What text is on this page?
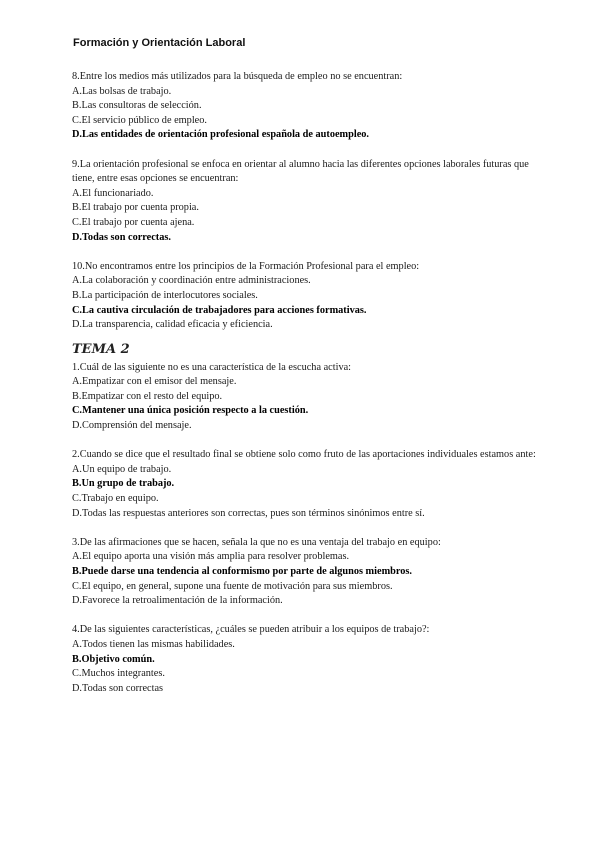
Formación y Orientación Laboral

8.Entre los medios más utilizados para la búsqueda de empleo no se encuentran:

A.Las bolsas de trabajo.

B.Las consultoras de selección.

C.El servicio público de empleo.

D.Las entidades de orientación profesional española de autoempleo.

9.La orientación profesional se enfoca en orientar al alumno hacia las diferentes opciones laborales futuras que tiene, entre esas opciones se encuentran:

A.El funcionariado.

B.El trabajo por cuenta propia.

C.El trabajo por cuenta ajena.

D.Todas son correctas.

10.No encontramos entre los principios de la Formación Profesional para el empleo:

A.La colaboración y coordinación entre administraciones.

B.La participación de interlocutores sociales.

C.La cautiva circulación de trabajadores para acciones formativas.

D.La transparencia, calidad eficacia y eficiencia.

TEMA 2

1.Cuál de las siguiente no es una característica de la escucha activa:

A.Empatizar con el emisor del mensaje.

B.Empatizar con el resto del equipo.

C.Mantener una única posición respecto a la cuestión.

D.Comprensión del mensaje.

2.Cuando se dice que el resultado final se obtiene solo como fruto de las aportaciones individuales estamos ante:

A.Un equipo de trabajo.

B.Un grupo de trabajo.

C.Trabajo en equipo.

D.Todas las respuestas anteriores son correctas, pues son términos sinónimos entre sí.

3.De las afirmaciones que se hacen, señala la que no es una ventaja del trabajo en equipo:

A.El equipo aporta una visión más amplia para resolver problemas.

B.Puede darse una tendencia al conformismo por parte de algunos miembros.

C.El equipo, en general, supone una fuente de motivación para sus miembros.

D.Favorece la retroalimentación de la información.

4.De las siguientes características, ¿cuáles se pueden atribuir a los equipos de trabajo?:

A.Todos tienen las mismas habilidades.

B.Objetivo común.

C.Muchos integrantes.

D.Todas son correctas
